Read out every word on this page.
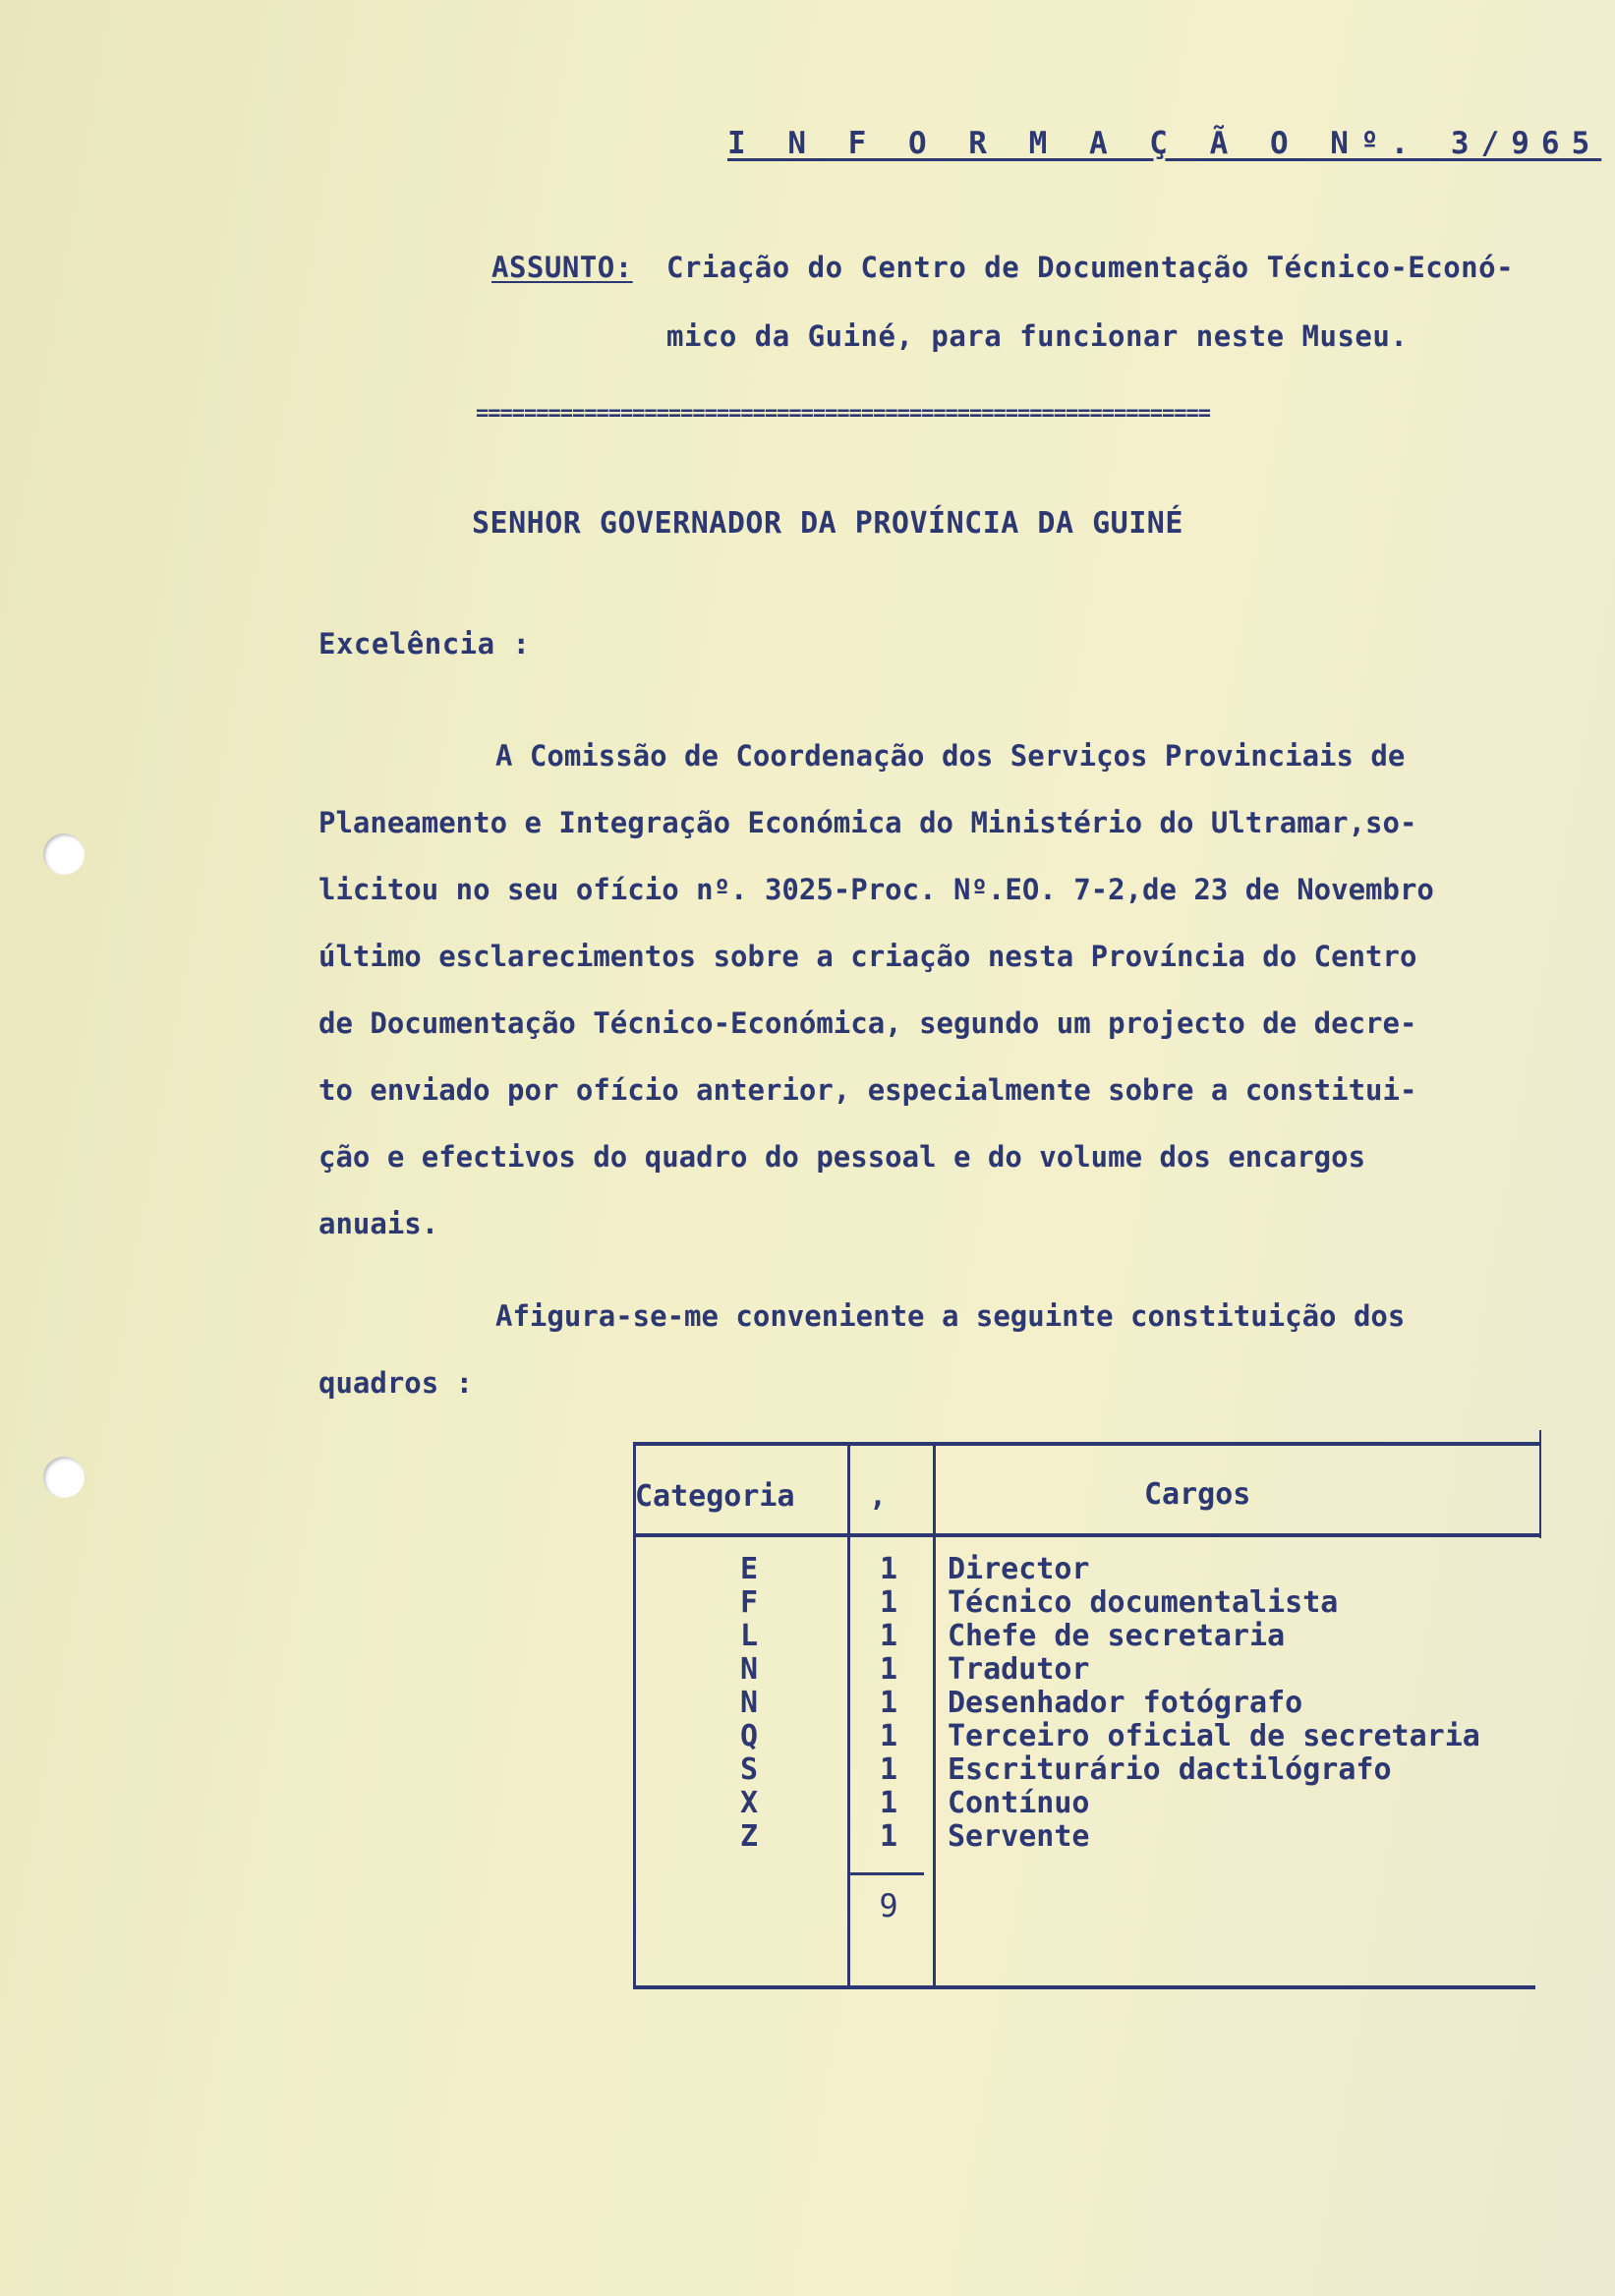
I N F O R M A Ç Ã O Nº. 3/965
ASSUNTO: Criação do Centro de Documentação Técnico-Econó-
mico da Guiné, para funcionar neste Museu.
=============================================================
SENHOR GOVERNADOR DA PROVÍNCIA DA GUINÉ
Excelência :
A Comissão de Coordenação dos Serviços Provinciais de
Planeamento e Integração Económica do Ministério do Ultramar,so-
licitou no seu ofício nº. 3025-Proc. Nº.EO. 7-2,de 23 de Novembro
último esclarecimentos sobre a criação nesta Província do Centro
de Documentação Técnico-Económica, segundo um projecto de decre-
to enviado por ofício anterior, especialmente sobre a constitui-
ção e efectivos do quadro do pessoal e do volume dos encargos
anuais.
Afigura-se-me conveniente a seguinte constituição dos
quadros :
Categoria	,	Cargos
E
F
L
N
N
Q
S
X
Z
1
1
1
1
1
1
1
1
1
Director
Técnico documentalista
Chefe de secretaria
Tradutor
Desenhador fotógrafo
Terceiro oficial de secretaria
Escriturário dactilógrafo
Contínuo
Servente
9
